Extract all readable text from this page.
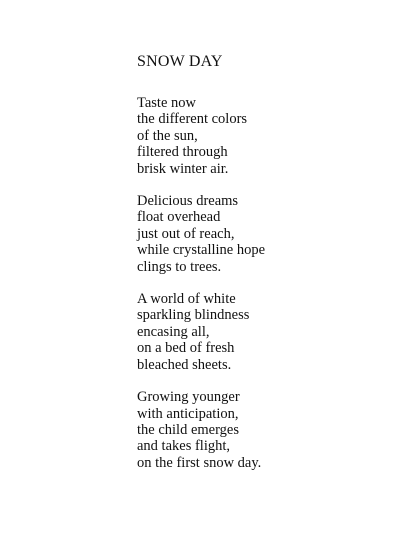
SNOW DAY
Taste now
the different colors
of the sun,
filtered through
brisk winter air.
Delicious dreams
float overhead
just out of reach,
while crystalline hope
clings to trees.
A world of white
sparkling blindness
encasing all,
on a bed of fresh
bleached sheets.
Growing younger
with anticipation,
the child emerges
and takes flight,
on the first snow day.
